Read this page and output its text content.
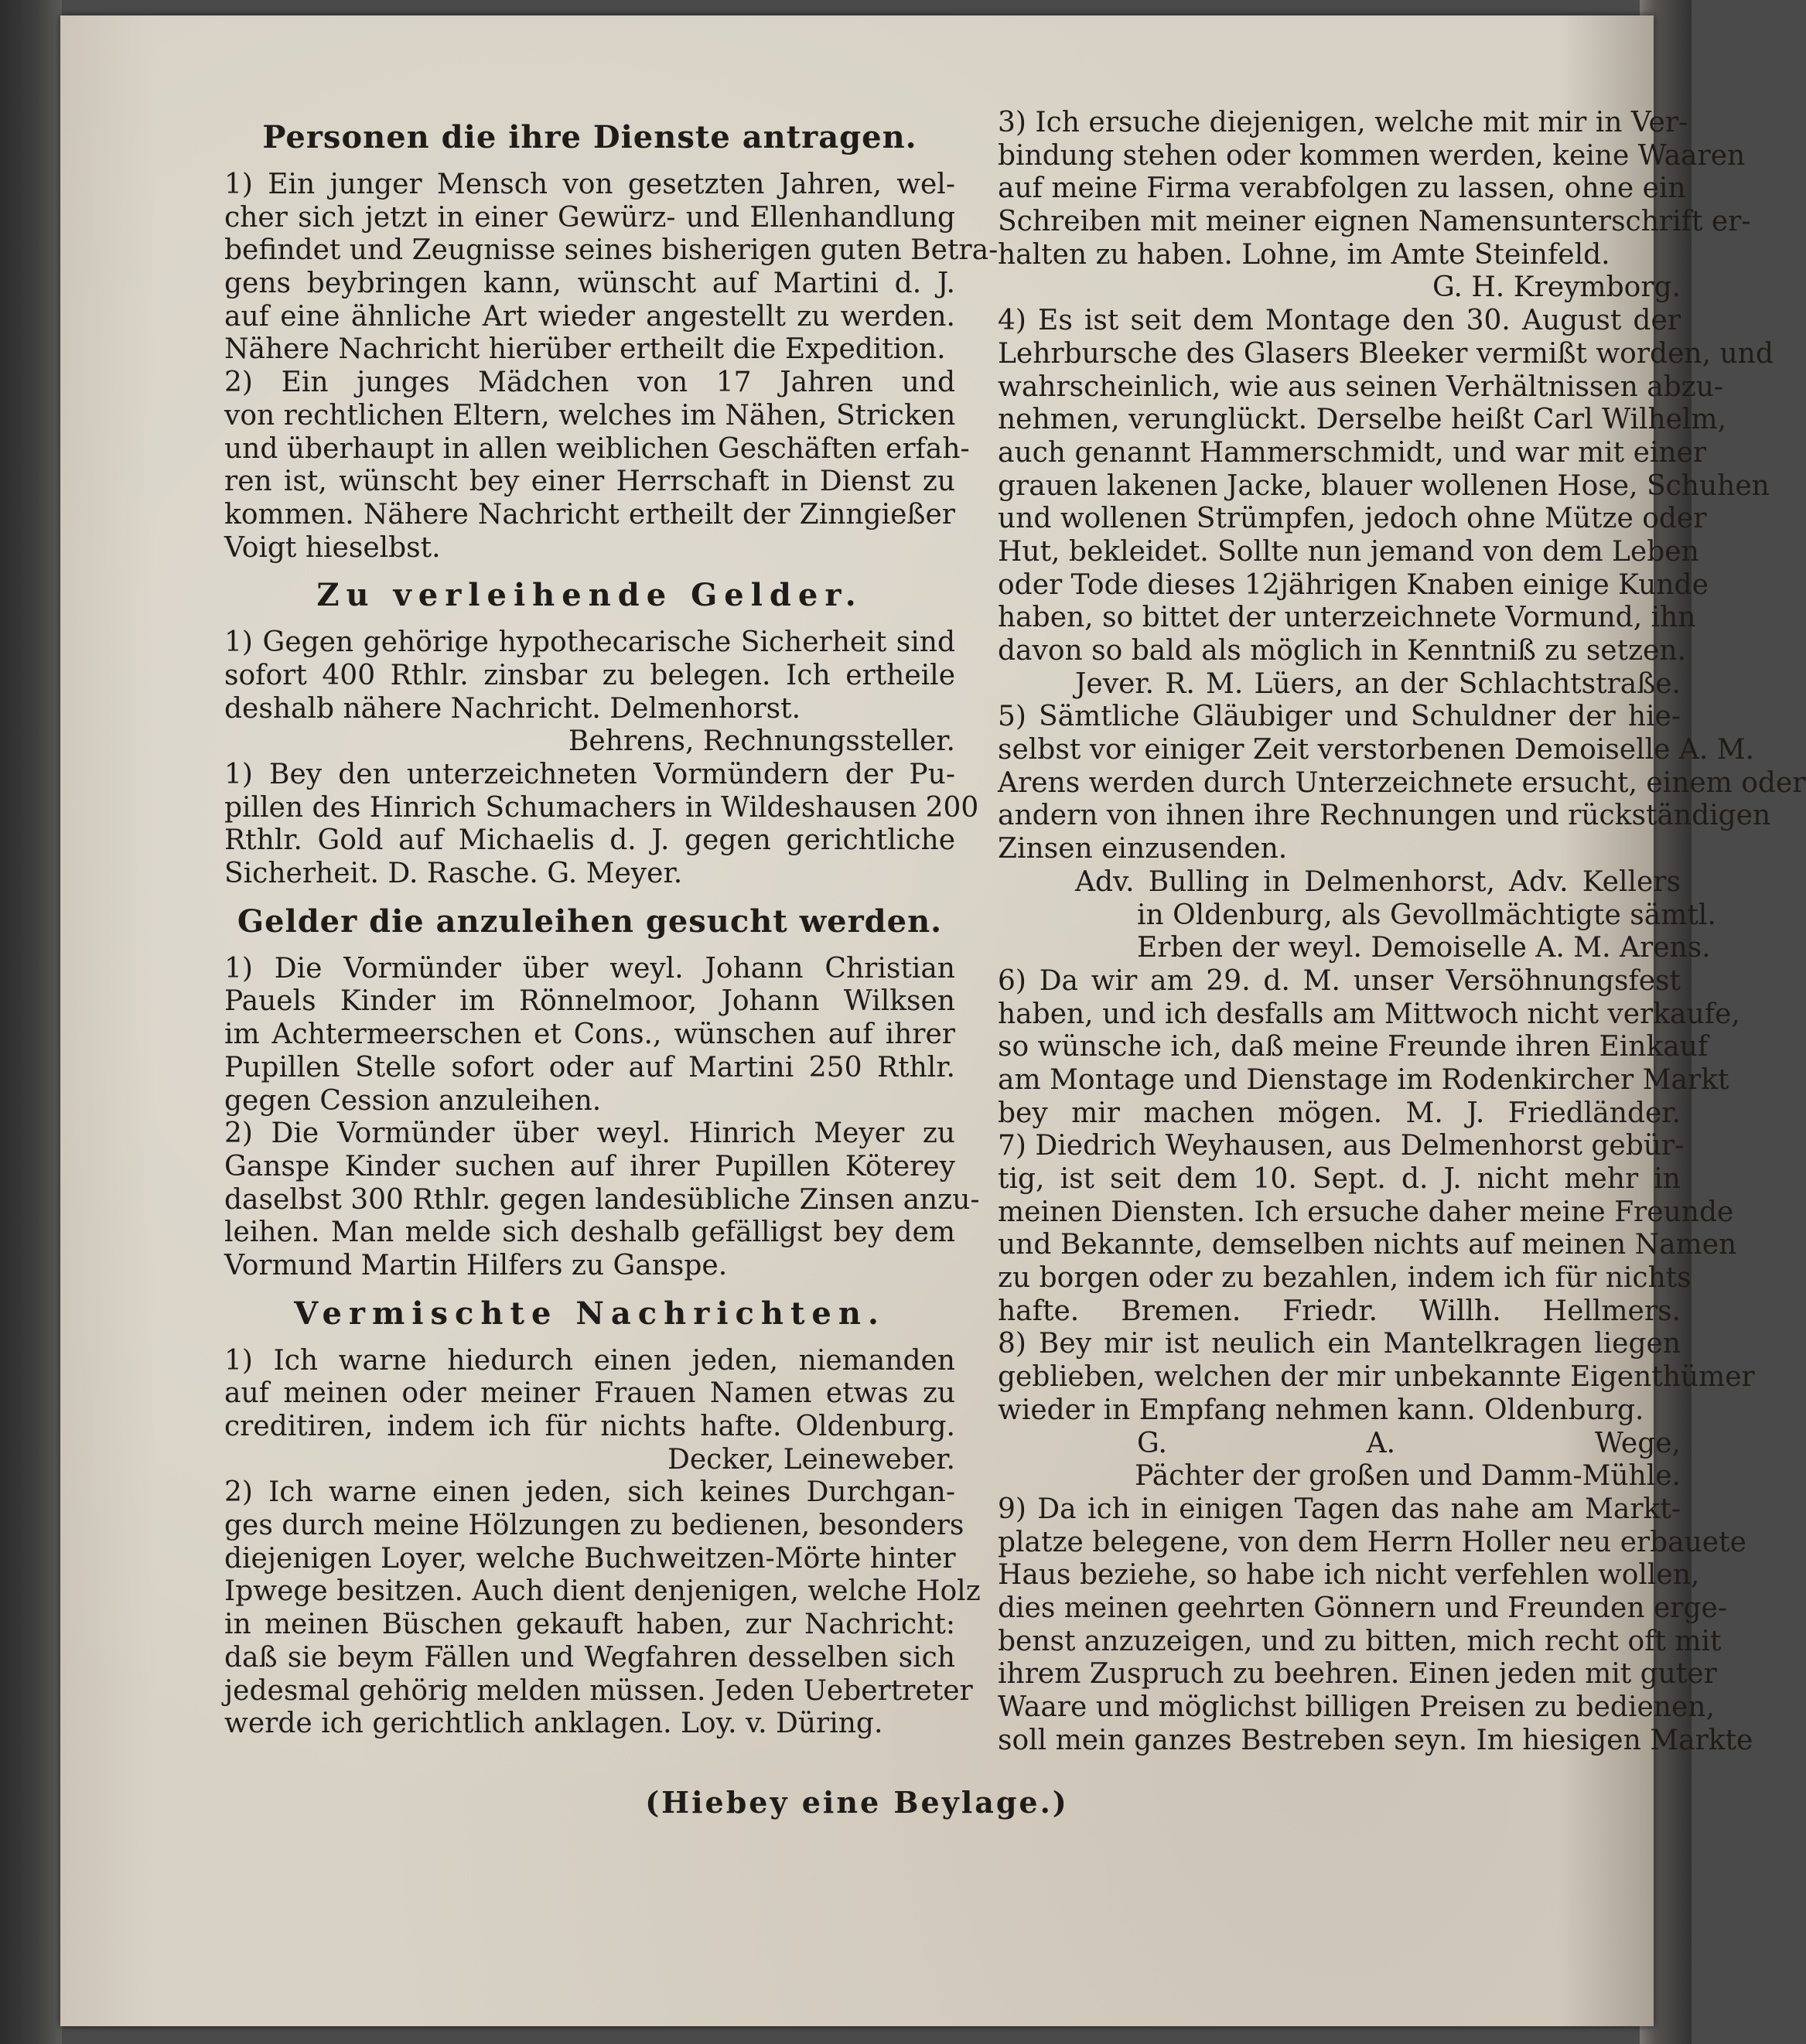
Personen die ihre Dienste antragen.
1) Ein junger Mensch von gesetzten Jahren, wel-
cher sich jetzt in einer Gewürz- und Ellenhandlung
befindet und Zeugnisse seines bisherigen guten Betra-
gens beybringen kann, wünscht auf Martini d. J.
auf eine ähnliche Art wieder angestellt zu werden.
Nähere Nachricht hierüber ertheilt die Expedition.
2) Ein junges Mädchen von 17 Jahren und
von rechtlichen Eltern, welches im Nähen, Stricken
und überhaupt in allen weiblichen Geschäften erfah-
ren ist, wünscht bey einer Herrschaft in Dienst zu
kommen. Nähere Nachricht ertheilt der Zinngießer
Voigt hieselbst.
Zu verleihende Gelder.
1) Gegen gehörige hypothecarische Sicherheit sind
sofort 400 Rthlr. zinsbar zu belegen. Ich ertheile
deshalb nähere Nachricht. Delmenhorst.
Behrens, Rechnungssteller.
1) Bey den unterzeichneten Vormündern der Pu-
pillen des Hinrich Schumachers in Wildeshausen 200
Rthlr. Gold auf Michaelis d. J. gegen gerichtliche
Sicherheit. D. Rasche. G. Meyer.
Gelder die anzuleihen gesucht werden.
1) Die Vormünder über weyl. Johann Christian
Pauels Kinder im Rönnelmoor, Johann Wilksen
im Achtermeerschen et Cons., wünschen auf ihrer
Pupillen Stelle sofort oder auf Martini 250 Rthlr.
gegen Cession anzuleihen.
2) Die Vormünder über weyl. Hinrich Meyer zu
Ganspe Kinder suchen auf ihrer Pupillen Köterey
daselbst 300 Rthlr. gegen landesübliche Zinsen anzu-
leihen. Man melde sich deshalb gefälligst bey dem
Vormund Martin Hilfers zu Ganspe.
Vermischte Nachrichten.
1) Ich warne hiedurch einen jeden, niemanden
auf meinen oder meiner Frauen Namen etwas zu
creditiren, indem ich für nichts hafte. Oldenburg.
Decker, Leineweber.
2) Ich warne einen jeden, sich keines Durchgan-
ges durch meine Hölzungen zu bedienen, besonders
diejenigen Loyer, welche Buchweitzen-Mörte hinter
Ipwege besitzen. Auch dient denjenigen, welche Holz
in meinen Büschen gekauft haben, zur Nachricht:
daß sie beym Fällen und Wegfahren desselben sich
jedesmal gehörig melden müssen. Jeden Uebertreter
werde ich gerichtlich anklagen. Loy. v. Düring.
3) Ich ersuche diejenigen, welche mit mir in Ver-
bindung stehen oder kommen werden, keine Waaren
auf meine Firma verabfolgen zu lassen, ohne ein
Schreiben mit meiner eignen Namensunterschrift er-
halten zu haben. Lohne, im Amte Steinfeld.
G. H. Kreymborg.
4) Es ist seit dem Montage den 30. August der
Lehrbursche des Glasers Bleeker vermißt worden, und
wahrscheinlich, wie aus seinen Verhältnissen abzu-
nehmen, verunglückt. Derselbe heißt Carl Wilhelm,
auch genannt Hammerschmidt, und war mit einer
grauen lakenen Jacke, blauer wollenen Hose, Schuhen
und wollenen Strümpfen, jedoch ohne Mütze oder
Hut, bekleidet. Sollte nun jemand von dem Leben
oder Tode dieses 12jährigen Knaben einige Kunde
haben, so bittet der unterzeichnete Vormund, ihn
davon so bald als möglich in Kenntniß zu setzen.
Jever. R. M. Lüers, an der Schlachtstraße.
5) Sämtliche Gläubiger und Schuldner der hie-
selbst vor einiger Zeit verstorbenen Demoiselle A. M.
Arens werden durch Unterzeichnete ersucht, einem oder
andern von ihnen ihre Rechnungen und rückständigen
Zinsen einzusenden.
Adv. Bulling in Delmenhorst, Adv. Kellers
in Oldenburg, als Gevollmächtigte sämtl.
Erben der weyl. Demoiselle A. M. Arens.
6) Da wir am 29. d. M. unser Versöhnungsfest
haben, und ich desfalls am Mittwoch nicht verkaufe,
so wünsche ich, daß meine Freunde ihren Einkauf
am Montage und Dienstage im Rodenkircher Markt
bey mir machen mögen. M. J. Friedländer.
7) Diedrich Weyhausen, aus Delmenhorst gebür-
tig, ist seit dem 10. Sept. d. J. nicht mehr in
meinen Diensten. Ich ersuche daher meine Freunde
und Bekannte, demselben nichts auf meinen Namen
zu borgen oder zu bezahlen, indem ich für nichts
hafte. Bremen. Friedr. Willh. Hellmers.
8) Bey mir ist neulich ein Mantelkragen liegen
geblieben, welchen der mir unbekannte Eigenthümer
wieder in Empfang nehmen kann. Oldenburg.
G. A. Wege,
Pächter der großen und Damm-Mühle.
9) Da ich in einigen Tagen das nahe am Markt-
platze belegene, von dem Herrn Holler neu erbauete
Haus beziehe, so habe ich nicht verfehlen wollen,
dies meinen geehrten Gönnern und Freunden erge-
benst anzuzeigen, und zu bitten, mich recht oft mit
ihrem Zuspruch zu beehren. Einen jeden mit guter
Waare und möglichst billigen Preisen zu bedienen,
soll mein ganzes Bestreben seyn. Im hiesigen Markte
(Hiebey eine Beylage.)
